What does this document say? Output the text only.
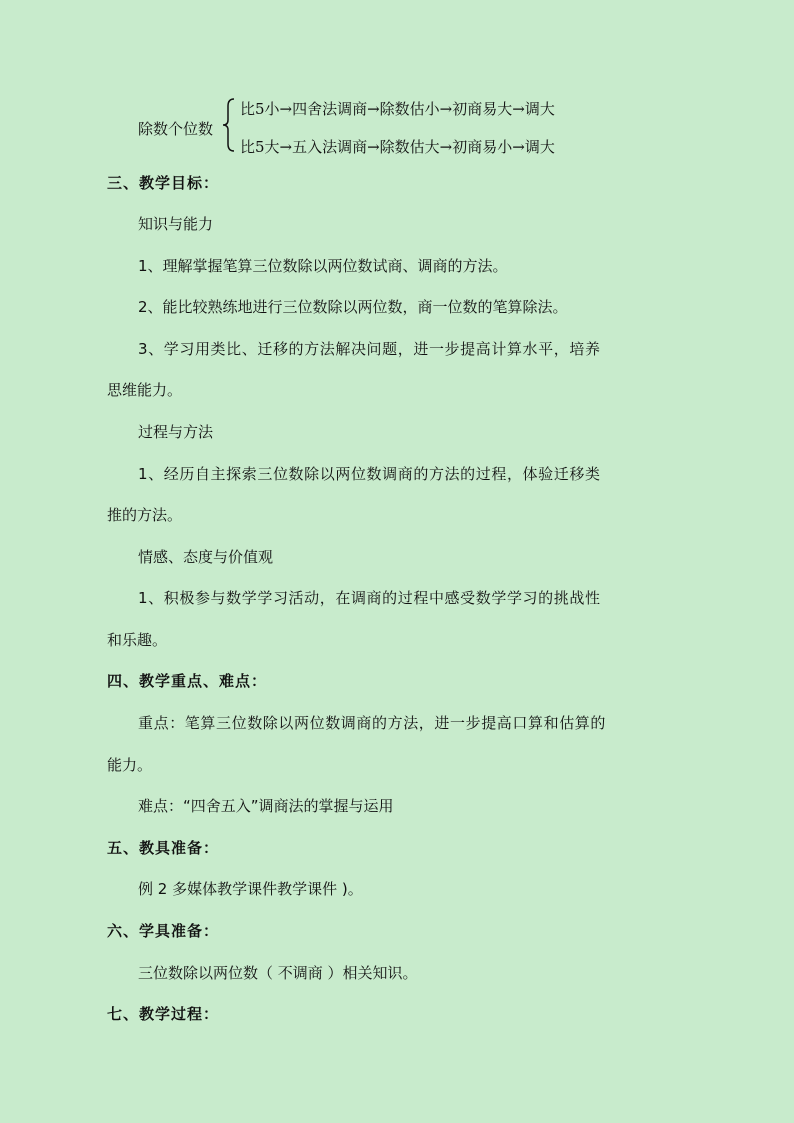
除数个位数
比5小→四舍法调商→除数估小→初商易大→调大
比5大→五入法调商→除数估大→初商易小→调大
三、教学目标：
知识与能力
1、理解掌握笔算三位数除以两位数试商、调商的方法。
2、能比较熟练地进行三位数除以两位数，商一位数的笔算除法。
3、学习用类比、迁移的方法解决问题，进一步提高计算水平，培养
思维能力。
过程与方法
1、经历自主探索三位数除以两位数调商的方法的过程，体验迁移类
推的方法。
情感、态度与价值观
1、积极参与数学学习活动，在调商的过程中感受数学学习的挑战性
和乐趣。
四、教学重点、难点：
重点：笔算三位数除以两位数调商的方法，进一步提高口算和估算的
能力。
难点：“四舍五入”调商法的掌握与运用
五、教具准备：
例 2 多媒体教学课件教学课件 )。
六、学具准备：
三位数除以两位数（ 不调商 ）相关知识。
七、教学过程：
